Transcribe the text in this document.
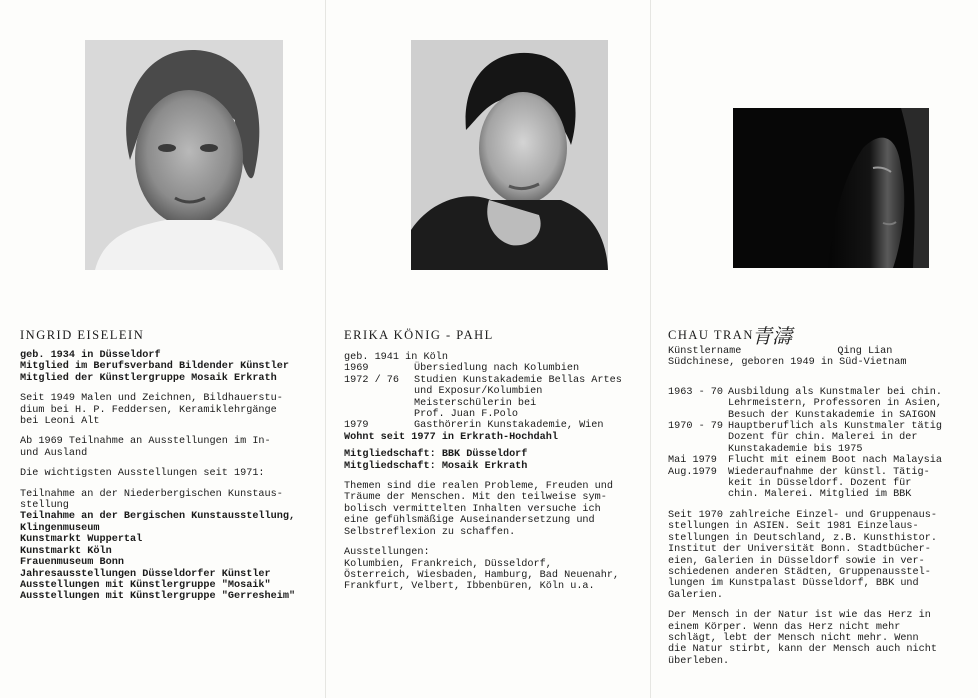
INGRID EISELEIN	ERIKA KÖNIG - PAHL	CHAU TRAN
青濤

geb. 1934 in Düsseldorf

Mitglied im Berufsverband Bildender Künstler

Mitglied der Künstlergruppe Mosaik Erkrath

Seit 1949 Malen und Zeichnen, Bildhauerstu-

dium bei H. P. Feddersen, Keramiklehrgänge

bei Leoni Alt

Ab 1969 Teilnahme an Ausstellungen im In-

und Ausland

Die wichtigsten Ausstellungen seit 1971:

Teilnahme an der Niederbergischen Kunstaus-

stellung

Teilnahme an der Bergischen Kunstausstellung,

Klingenmuseum

Kunstmarkt Wuppertal

Kunstmarkt Köln

Frauenmuseum Bonn

Jahresausstellungen Düsseldorfer Künstler

Ausstellungen mit Künstlergruppe "Mosaik"

Ausstellungen mit Künstlergruppe "Gerresheim"

geb. 1941 in Köln
1969	Übersiedlung nach Kolumbien
1972 / 76	Studien Kunstakademie Bellas Artes
und Exposur/Kolumbien
Meisterschülerin bei
Prof. Juan F.Polo
1979	Gasthörerin Kunstakademie, Wien

Wohnt seit 1977 in Erkrath-Hochdahl

Mitgliedschaft: BBK Düsseldorf

Mitgliedschaft: Mosaik Erkrath

Themen sind die realen Probleme, Freuden und

Träume der Menschen. Mit den teilweise sym-

bolisch vermittelten Inhalten versuche ich

eine gefühlsmäßige Auseinandersetzung und

Selbstreflexion zu schaffen.

Ausstellungen:

Kolumbien, Frankreich, Düsseldorf,

Österreich, Wiesbaden, Hamburg, Bad Neuenahr,

Frankfurt, Velbert, Ibbenbüren, Köln u.a.

Künstlername	Qing Lian

Südchinese, geboren 1949 in Süd-Vietnam

1963 - 70 Ausbildung als Kunstmaler bei chin.
Lehrmeistern, Professoren in Asien,
Besuch der Kunstakademie in SAIGON
1970 - 79 Hauptberuflich als Kunstmaler tätig
Dozent für chin. Malerei in der
Kunstakademie bis 1975
Mai 1979	Flucht mit einem Boot nach Malaysia
Aug.1979	Wiederaufnahme der künstl. Tätig-
keit in Düsseldorf. Dozent für
chin. Malerei. Mitglied im BBK

Seit 1970 zahlreiche Einzel- und Gruppenaus-

stellungen in ASIEN. Seit 1981 Einzelaus-

stellungen in Deutschland, z.B. Kunsthistor.

Institut der Universität Bonn. Stadtbücher-

eien, Galerien in Düsseldorf sowie in ver-

schiedenen anderen Städten, Gruppenausstel-

lungen im Kunstpalast Düsseldorf, BBK und

Galerien.

Der Mensch in der Natur ist wie das Herz in

einem Körper. Wenn das Herz nicht mehr

schlägt, lebt der Mensch nicht mehr. Wenn

die Natur stirbt, kann der Mensch auch nicht

überleben.
